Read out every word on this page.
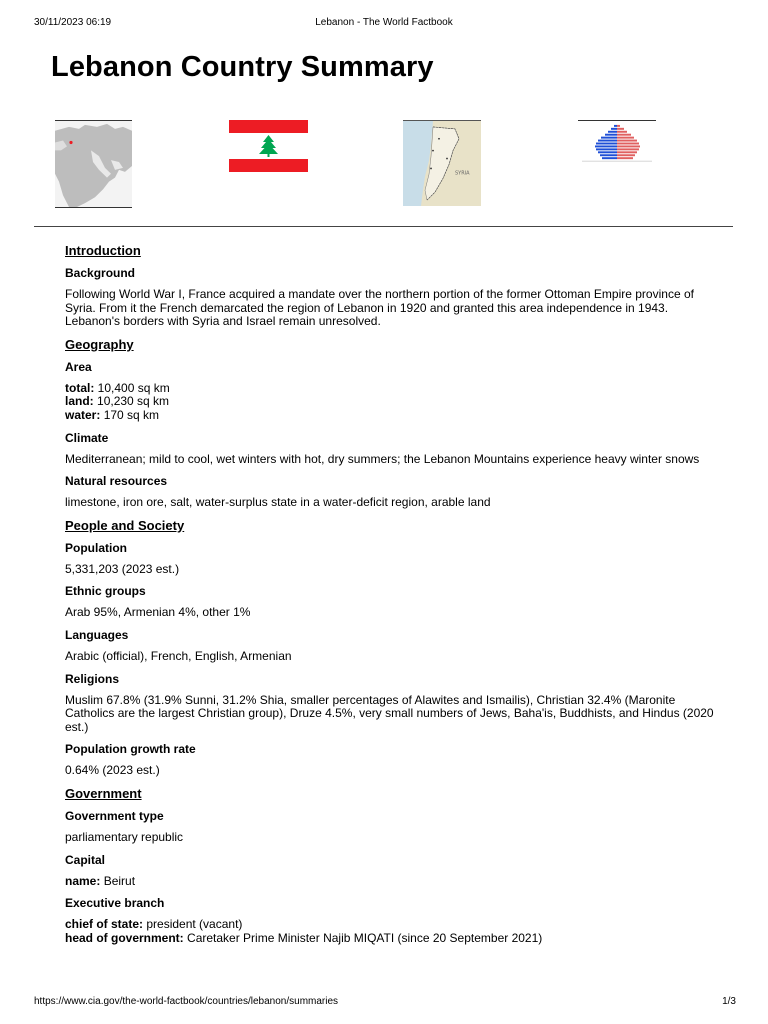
30/11/2023 06:19	Lebanon - The World Factbook
Lebanon Country Summary
SYRIA
Introduction
Background

Following World War I, France acquired a mandate over the northern portion of the former Ottoman Empire province of Syria. From it the French demarcated the region of Lebanon in 1920 and granted this area independence in 1943. Lebanon's borders with Syria and Israel remain unresolved.

Geography
Area

total: 10,400 sq km
land: 10,230 sq km
water: 170 sq km

Climate

Mediterranean; mild to cool, wet winters with hot, dry summers; the Lebanon Mountains experience heavy winter snows

Natural resources

limestone, iron ore, salt, water-surplus state in a water-deficit region, arable land

People and Society
Population

5,331,203 (2023 est.)

Ethnic groups

Arab 95%, Armenian 4%, other 1%

Languages

Arabic (official), French, English, Armenian

Religions

Muslim 67.8% (31.9% Sunni, 31.2% Shia, smaller percentages of Alawites and Ismailis), Christian 32.4% (Maronite Catholics are the largest Christian group), Druze 4.5%, very small numbers of Jews, Baha'is, Buddhists, and Hindus (2020 est.)

Population growth rate

0.64% (2023 est.)

Government
Government type

parliamentary republic

Capital

name: Beirut

Executive branch

chief of state: president (vacant)
head of government: Caretaker Prime Minister Najib MIQATI (since 20 September 2021)

https://www.cia.gov/the-world-factbook/countries/lebanon/summaries	1/3
